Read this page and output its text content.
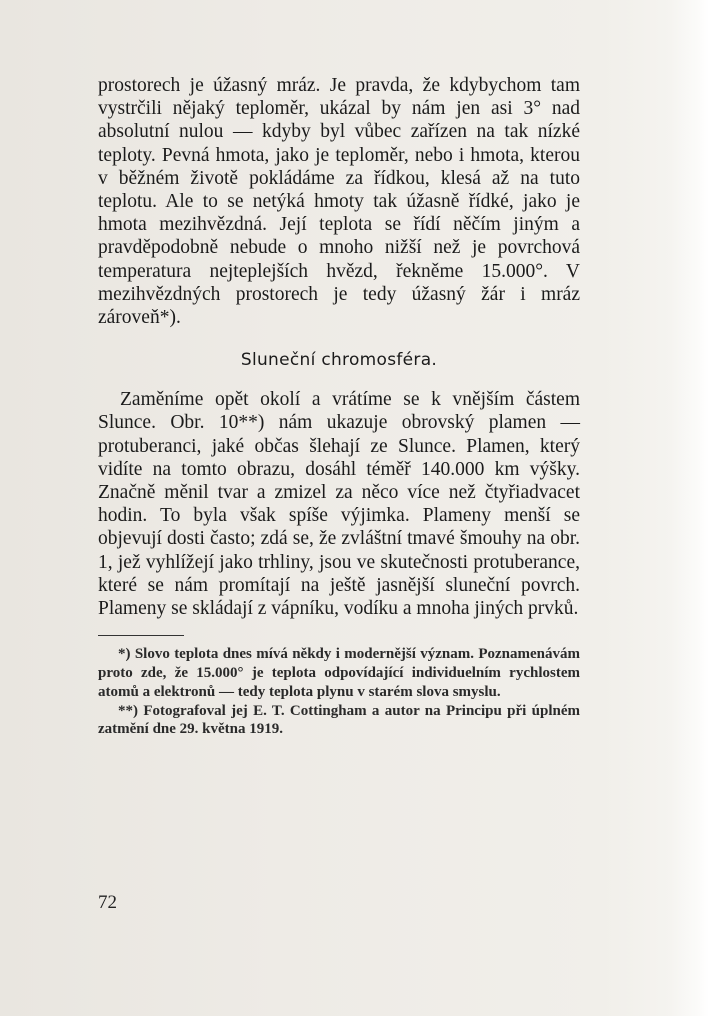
prostorech je úžasný mráz. Je pravda, že kdybychom tam vystrčili nějaký teploměr, ukázal by nám jen asi 3° nad absolutní nulou — kdyby byl vůbec zařízen na tak nízké teploty. Pevná hmota, jako je teploměr, nebo i hmota, kterou v běžném životě pokládáme za řídkou, klesá až na tuto teplotu. Ale to se netýká hmoty tak úžasně řídké, jako je hmota mezihvězdná. Její teplota se řídí něčím jiným a pravděpodobně nebude o mnoho nižší než je povrchová temperatura nejteplejších hvězd, řekněme 15.000°. V mezihvězdných prostorech je tedy úžasný žár i mráz zároveň*).

Sluneční chromosféra.

Zaměníme opět okolí a vrátíme se k vnějším částem Slunce. Obr. 10**) nám ukazuje obrovský plamen — protuberanci, jaké občas šlehají ze Slunce. Plamen, který vidíte na tomto obrazu, dosáhl téměř 140.000 km výšky. Značně měnil tvar a zmizel za něco více než čtyřiadvacet hodin. To byla však spíše výjimka. Plameny menší se objevují dosti často; zdá se, že zvláštní tmavé šmouhy na obr. 1, jež vyhlížejí jako trhliny, jsou ve skutečnosti protuberance, které se nám promítají na ještě jasnější sluneční povrch. Plameny se skládají z vápníku, vodíku a mnoha jiných prvků.

*) Slovo teplota dnes mívá někdy i modernější význam. Poznamenávám proto zde, že 15.000° je teplota odpovídající individuelním rychlostem atomů a elektronů — tedy teplota plynu v starém slova smyslu.

**) Fotografoval jej E. T. Cottingham a autor na Principu při úplném zatmění dne 29. května 1919.

72
